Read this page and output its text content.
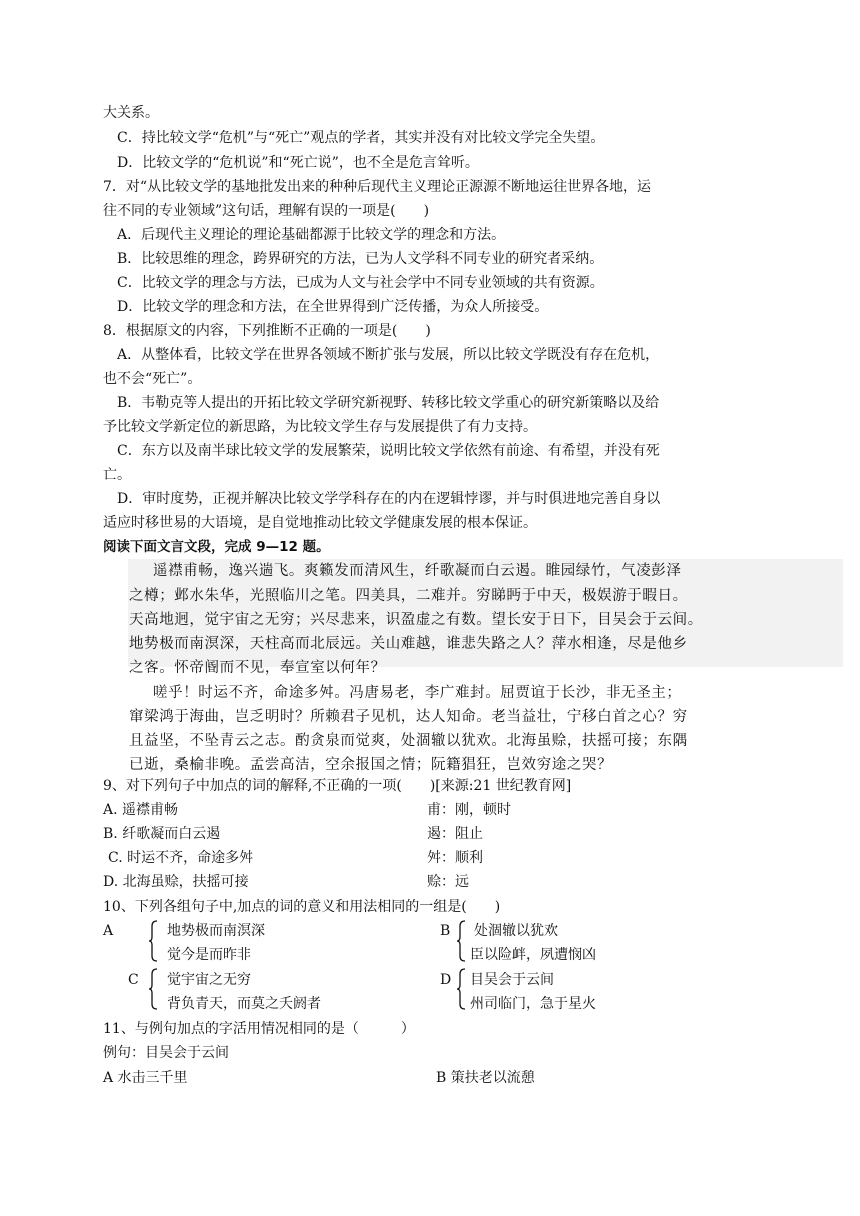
大关系。
C．持比较文学“危机”与“死亡”观点的学者，其实并没有对比较文学完全失望。
D．比较文学的“危机说”和“死亡说”，也不全是危言耸听。
7．对“从比较文学的基地批发出来的种种后现代主义理论正源源不断地运往世界各地，运
往不同的专业领域”这句话，理解有误的一项是(　　)
A．后现代主义理论的理论基础都源于比较文学的理念和方法。
B．比较思维的理念，跨界研究的方法，已为人文学科不同专业的研究者采纳。
C．比较文学的理念与方法，已成为人文与社会学中不同专业领域的共有资源。
D．比较文学的理念和方法，在全世界得到广泛传播，为众人所接受。
8．根据原文的内容，下列推断不正确的一项是(　　)
A．从整体看，比较文学在世界各领域不断扩张与发展，所以比较文学既没有存在危机，
也不会“死亡”。
B．韦勒克等人提出的开拓比较文学研究新视野、转移比较文学重心的研究新策略以及给
予比较文学新定位的新思路，为比较文学生存与发展提供了有力支持。
C．东方以及南半球比较文学的发展繁荣，说明比较文学依然有前途、有希望，并没有死
亡。
D．审时度势，正视并解决比较文学学科存在的内在逻辑悖谬，并与时俱进地完善自身以
适应时移世易的大语境，是自觉地推动比较文学健康发展的根本保证。
阅读下面文言文段，完成 9—12 题。
遥襟甫畅，逸兴遄飞。爽籁发而清风生，纤歌凝而白云遏。睢园绿竹，气凌彭泽
之樽；邺水朱华，光照临川之笔。四美具，二难并。穷睇眄于中天，极娱游于暇日。
天高地迥，觉宇宙之无穷；兴尽悲来，识盈虚之有数。望长安于日下，目吴会于云间。
地势极而南溟深，天柱高而北辰远。关山难越，谁悲失路之人？萍水相逢，尽是他乡
之客。怀帝阍而不见，奉宣室以何年？
嗟乎！时运不齐，命途多舛。冯唐易老，李广难封。屈贾谊于长沙，非无圣主；
窜梁鸿于海曲，岂乏明时？所赖君子见机，达人知命。老当益壮，宁移白首之心？穷
且益坚，不坠青云之志。酌贪泉而觉爽，处涸辙以犹欢。北海虽赊，扶摇可接；东隅
已逝，桑榆非晚。孟尝高洁，空余报国之情；阮籍猖狂，岂效穷途之哭？
9、对下列句子中加点的词的解释,不正确的一项(　　)[来源:21 世纪教育网]
A. 遥襟甫畅	甫：刚，顿时
B. 纤歌凝而白云遏	遏：阻止
C. 时运不齐，命途多舛	舛：顺利
D. 北海虽赊，扶摇可接	赊：远
10、下列各组句子中,加点的词的意义和用法相同的一组是(　　)
A	地势极而南溟深
觉今是而昨非
B 处涸辙以犹欢
臣以险衅，夙遭悯凶
C 觉宇宙之无穷
背负青天，而莫之夭阏者
D 目吴会于云间
州司临门，急于星火
11、与例句加点的字活用情况相同的是（　　　）
例句：目吴会于云间
A 水击三千里	B 策扶老以流憩
